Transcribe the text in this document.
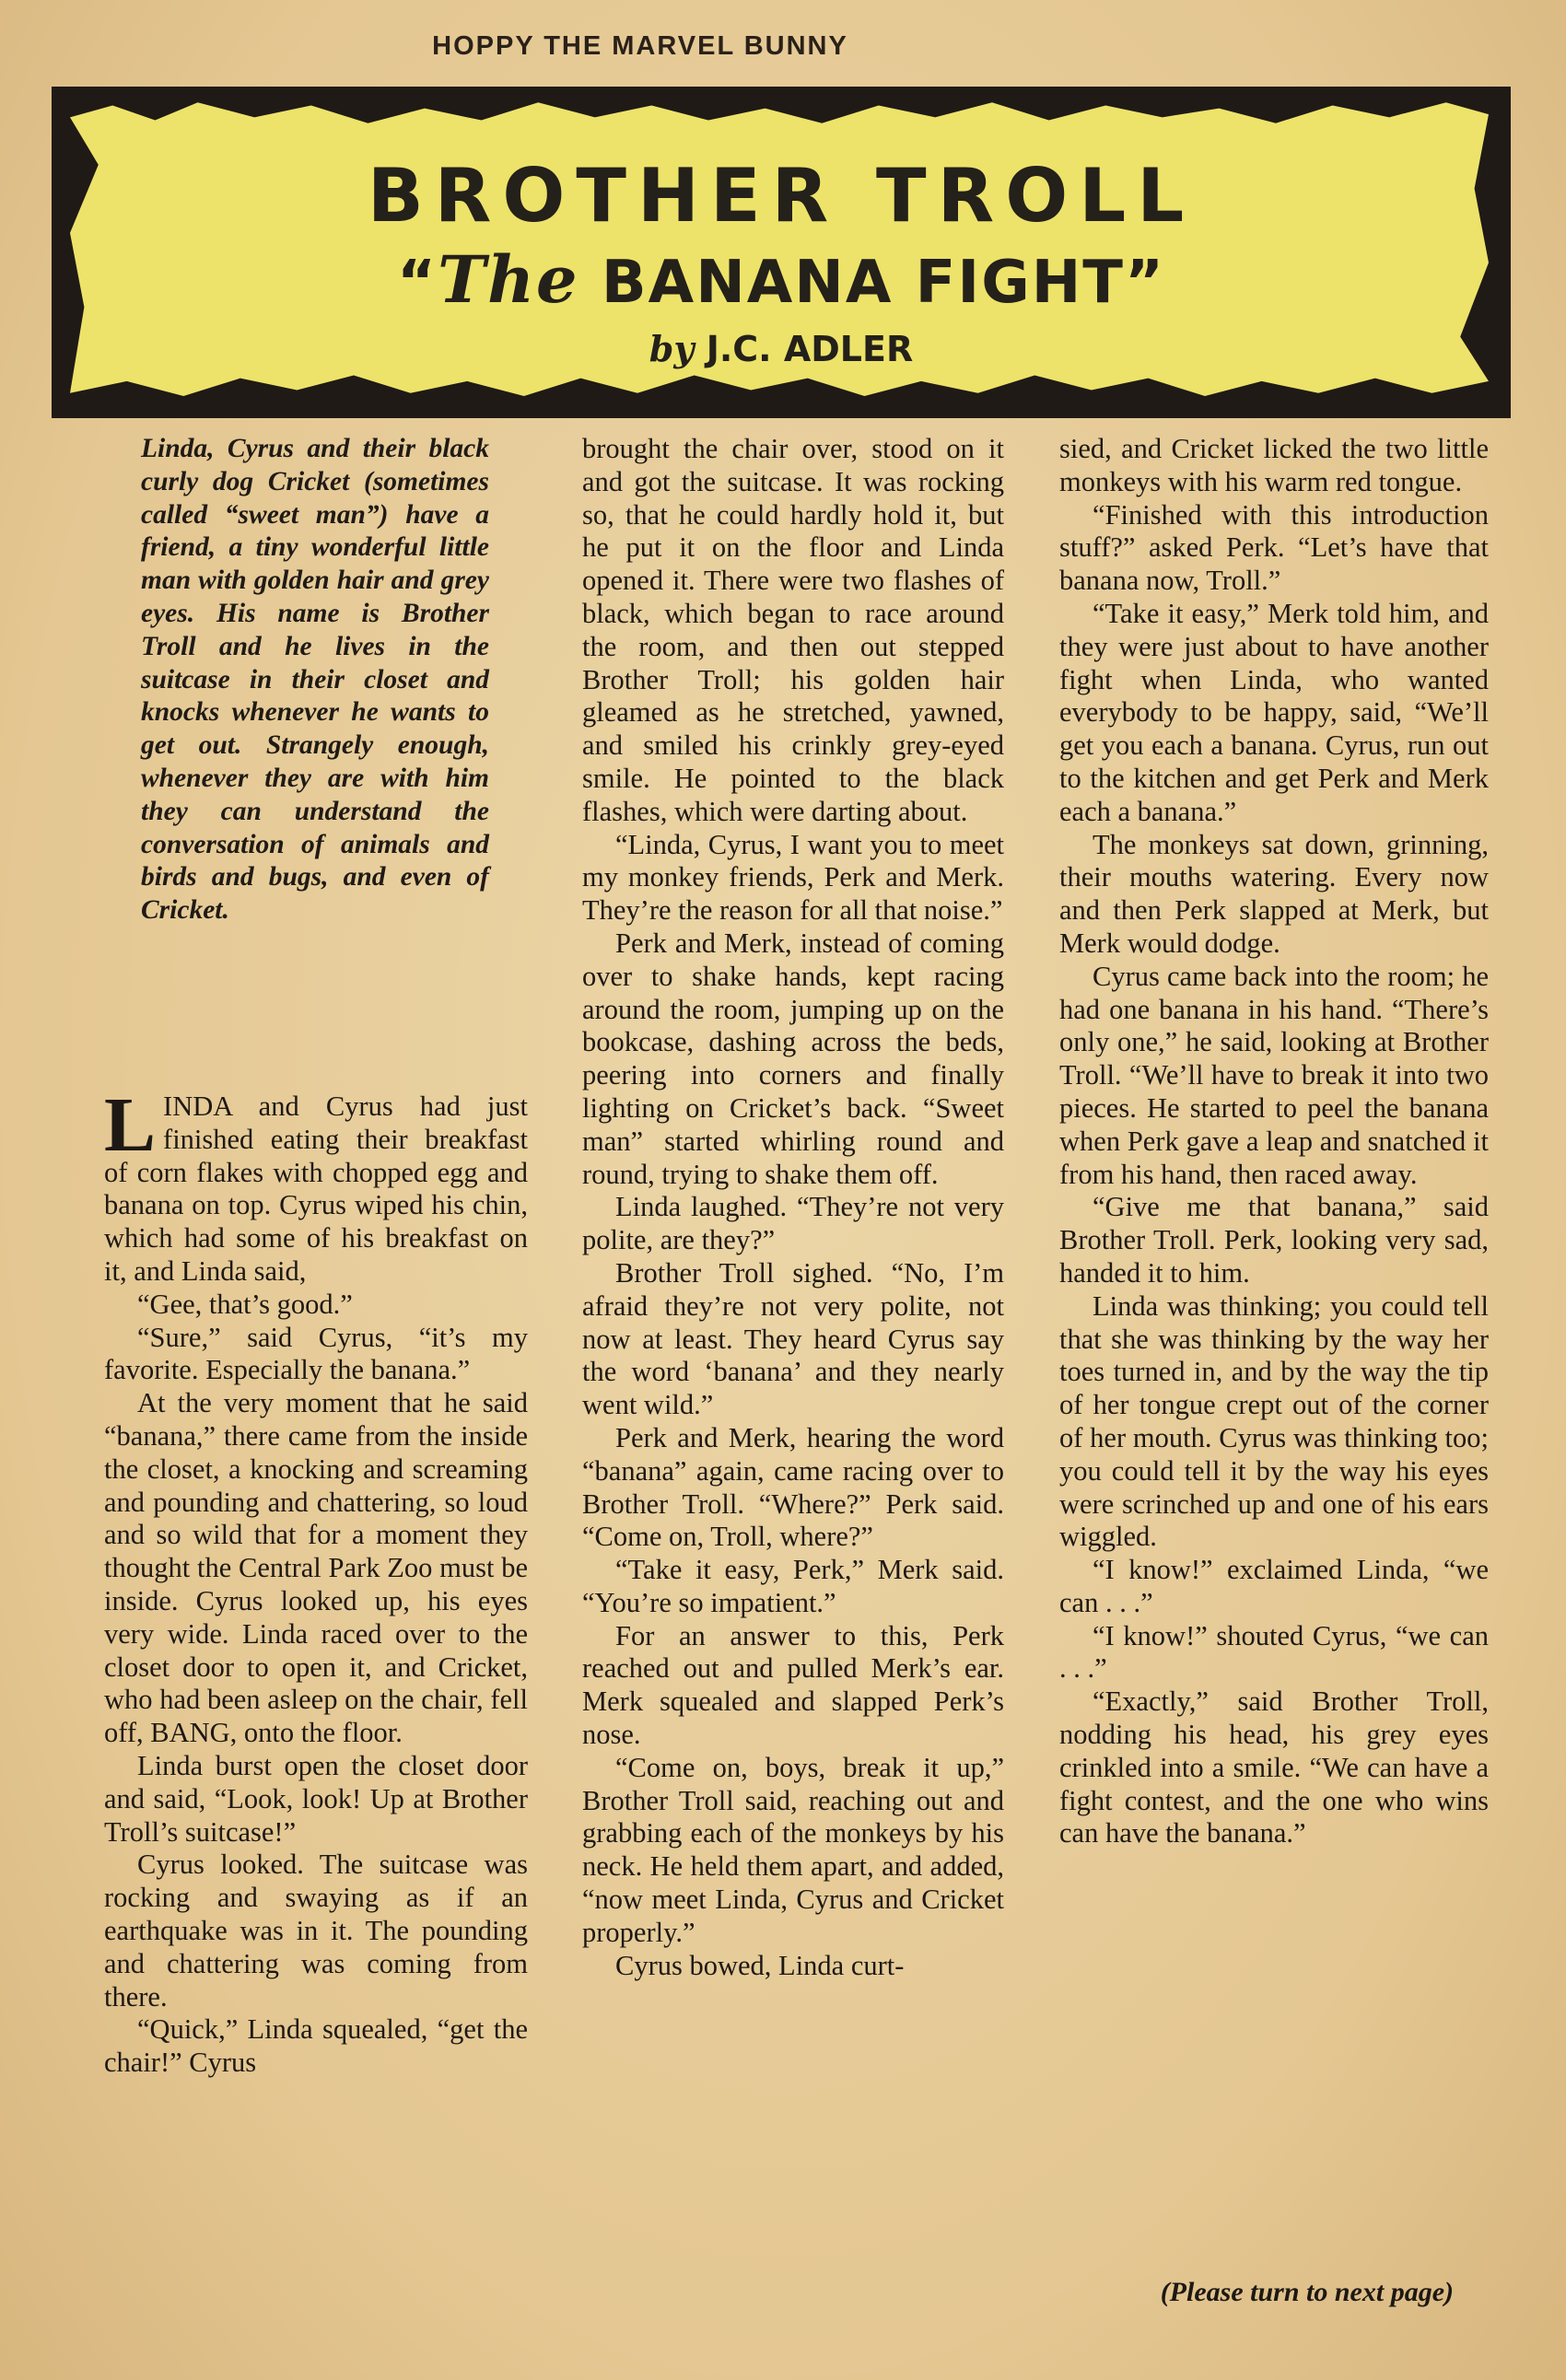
HOPPY THE MARVEL BUNNY
BROTHER TROLL
“The BANANA FIGHT”
by J.C. ADLER

Linda, Cyrus and their black curly dog Cricket (sometimes called “sweet man”) have a friend, a tiny wonderful little man with golden hair and grey eyes. His name is Brother Troll and he lives in the suitcase in their closet and knocks whenever he wants to get out. Strangely enough, whenever they are with him they can understand the conversation of animals and birds and bugs, and even of Cricket.

LINDA and Cyrus had just finished eating their breakfast of corn flakes with chopped egg and banana on top. Cyrus wiped his chin, which had some of his breakfast on it, and Linda said,

“Gee, that’s good.”

“Sure,” said Cyrus, “it’s my favorite. Especially the banana.”

At the very moment that he said “banana,” there came from the inside the closet, a knocking and screaming and pounding and chattering, so loud and so wild that for a moment they thought the Central Park Zoo must be inside. Cyrus looked up, his eyes very wide. Linda raced over to the closet door to open it, and Cricket, who had been asleep on the chair, fell off, BANG, onto the floor.

Linda burst open the closet door and said, “Look, look! Up at Brother Troll’s suitcase!”

Cyrus looked. The suitcase was rocking and swaying as if an earthquake was in it. The pounding and chattering was coming from there.

“Quick,” Linda squealed, “get the chair!” Cyrus

brought the chair over, stood on it and got the suitcase. It was rocking so, that he could hardly hold it, but he put it on the floor and Linda opened it. There were two flashes of black, which began to race around the room, and then out stepped Brother Troll; his golden hair gleamed as he stretched, yawned, and smiled his crinkly grey-eyed smile. He pointed to the black flashes, which were darting about.

“Linda, Cyrus, I want you to meet my monkey friends, Perk and Merk. They’re the reason for all that noise.”

Perk and Merk, instead of coming over to shake hands, kept racing around the room, jumping up on the bookcase, dashing across the beds, peering into corners and finally lighting on Cricket’s back. “Sweet man” started whirling round and round, trying to shake them off.

Linda laughed. “They’re not very polite, are they?”

Brother Troll sighed. “No, I’m afraid they’re not very polite, not now at least. They heard Cyrus say the word ‘banana’ and they nearly went wild.”

Perk and Merk, hearing the word “banana” again, came racing over to Brother Troll. “Where?” Perk said. “Come on, Troll, where?”

“Take it easy, Perk,” Merk said. “You’re so impatient.”

For an answer to this, Perk reached out and pulled Merk’s ear. Merk squealed and slapped Perk’s nose.

“Come on, boys, break it up,” Brother Troll said, reaching out and grabbing each of the monkeys by his neck. He held them apart, and added, “now meet Linda, Cyrus and Cricket properly.”

Cyrus bowed, Linda curt-

sied, and Cricket licked the two little monkeys with his warm red tongue.

“Finished with this introduction stuff?” asked Perk. “Let’s have that banana now, Troll.”

“Take it easy,” Merk told him, and they were just about to have another fight when Linda, who wanted everybody to be happy, said, “We’ll get you each a banana. Cyrus, run out to the kitchen and get Perk and Merk each a banana.”

The monkeys sat down, grinning, their mouths watering. Every now and then Perk slapped at Merk, but Merk would dodge.

Cyrus came back into the room; he had one banana in his hand. “There’s only one,” he said, looking at Brother Troll. “We’ll have to break it into two pieces. He started to peel the banana when Perk gave a leap and snatched it from his hand, then raced away.

“Give me that banana,” said Brother Troll. Perk, looking very sad, handed it to him.

Linda was thinking; you could tell that she was thinking by the way her toes turned in, and by the way the tip of her tongue crept out of the corner of her mouth. Cyrus was thinking too; you could tell it by the way his eyes were scrinched up and one of his ears wiggled.

“I know!” exclaimed Linda, “we can . . .”

“I know!” shouted Cyrus, “we can . . .”

“Exactly,” said Brother Troll, nodding his head, his grey eyes crinkled into a smile. “We can have a fight contest, and the one who wins can have the banana.”

(Please turn to next page)
